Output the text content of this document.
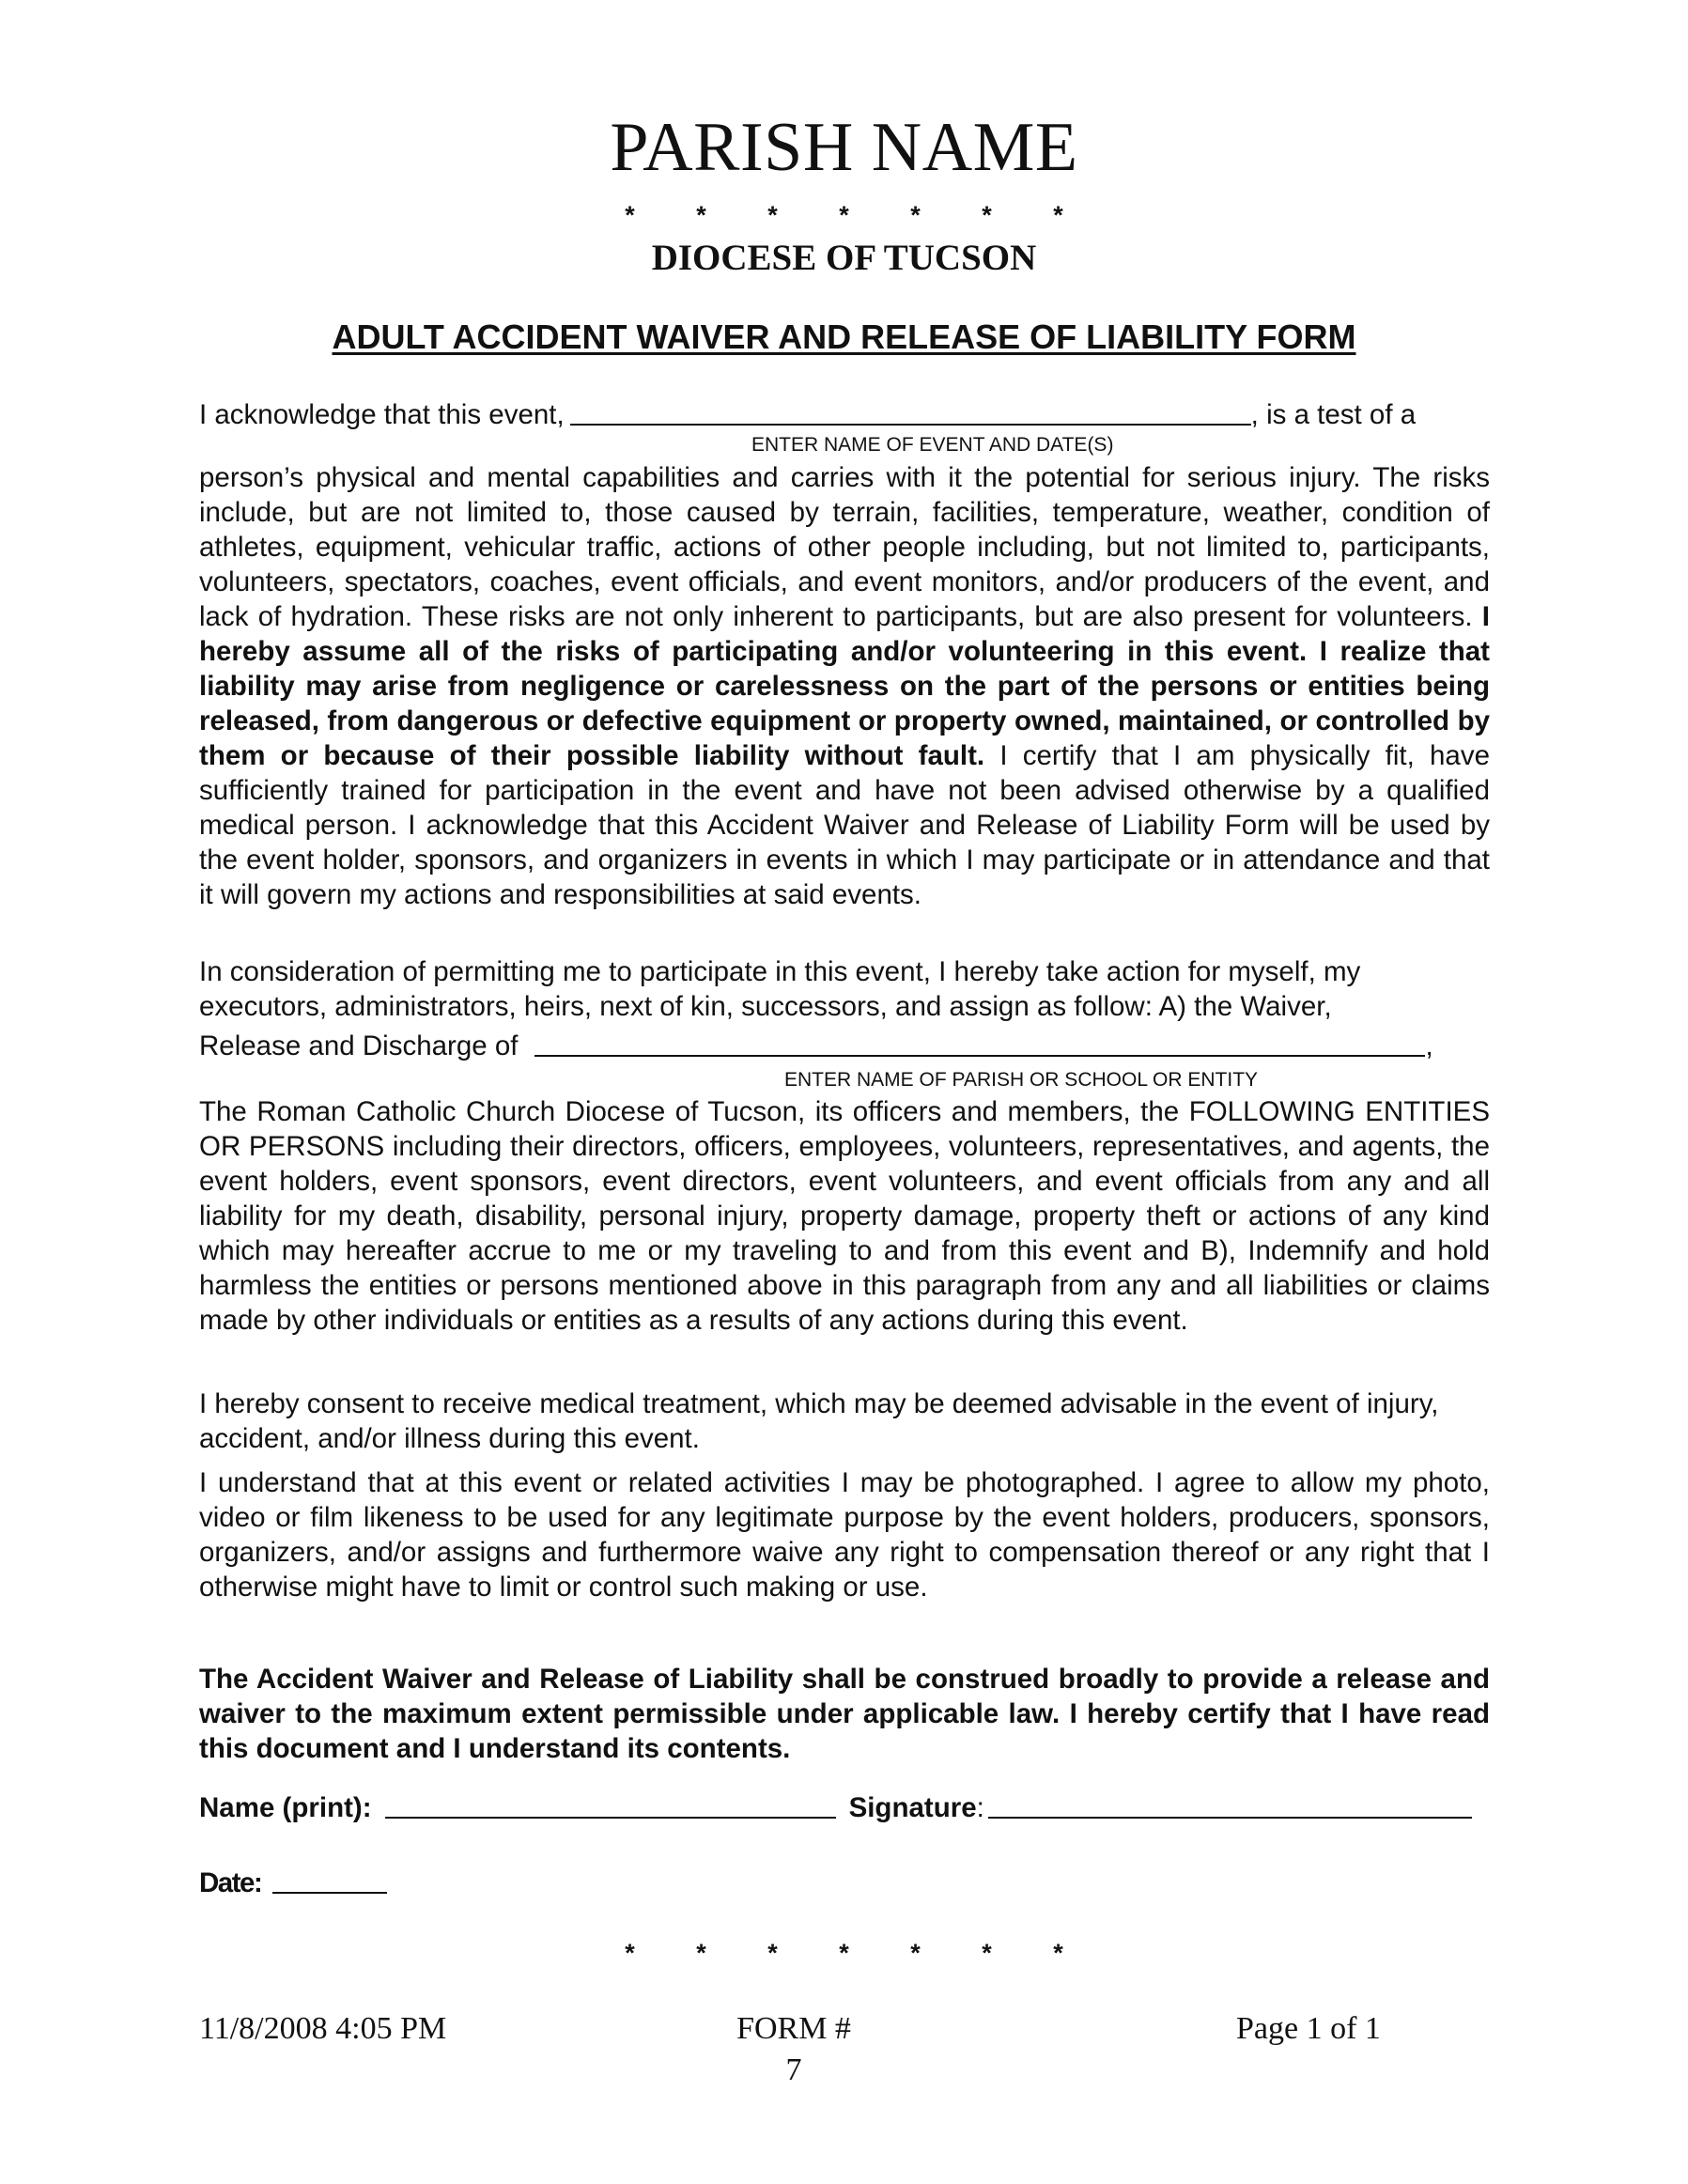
PARISH NAME
* * * * * * *
DIOCESE OF TUCSON
ADULT ACCIDENT WAIVER AND RELEASE OF LIABILITY FORM
I acknowledge that this event,	, is a test of a
ENTER NAME OF EVENT AND DATE(S)
person’s physical and mental capabilities and carries with it the potential for serious injury. The risks include, but are not limited to, those caused by terrain, facilities, temperature, weather, condition of athletes, equipment, vehicular traffic, actions of other people including, but not limited to, participants, volunteers, spectators, coaches, event officials, and event monitors, and/or producers of the event, and lack of hydration. These risks are not only inherent to participants, but are also present for volunteers. I hereby assume all of the risks of participating and/or volunteering in this event. I realize that liability may arise from negligence or carelessness on the part of the persons or entities being released, from dangerous or defective equipment or property owned, maintained, or controlled by them or because of their possible liability without fault. I certify that I am physically fit, have sufficiently trained for participation in the event and have not been advised otherwise by a qualified medical person. I acknowledge that this Accident Waiver and Release of Liability Form will be used by the event holder, sponsors, and organizers in events in which I may participate or in attendance and that it will govern my actions and responsibilities at said events.
In consideration of permitting me to participate in this event, I hereby take action for myself, my executors, administrators, heirs, next of kin, successors, and assign as follow: A) the Waiver,
Release and Discharge of	,
ENTER NAME OF PARISH OR SCHOOL OR ENTITY
The Roman Catholic Church Diocese of Tucson, its officers and members, the FOLLOWING ENTITIES OR PERSONS including their directors, officers, employees, volunteers, representatives, and agents, the event holders, event sponsors, event directors, event volunteers, and event officials from any and all liability for my death, disability, personal injury, property damage, property theft or actions of any kind which may hereafter accrue to me or my traveling to and from this event and B), Indemnify and hold harmless the entities or persons mentioned above in this paragraph from any and all liabilities or claims made by other individuals or entities as a results of any actions during this event.
I hereby consent to receive medical treatment, which may be deemed advisable in the event of injury, accident, and/or illness during this event.
I understand that at this event or related activities I may be photographed. I agree to allow my photo, video or film likeness to be used for any legitimate purpose by the event holders, producers, sponsors, organizers, and/or assigns and furthermore waive any right to compensation thereof or any right that I otherwise might have to limit or control such making or use.
The Accident Waiver and Release of Liability shall be construed broadly to provide a release and waiver to the maximum extent permissible under applicable law. I hereby certify that I have read this document and I understand its contents.
Name (print):	Signature:
Date:
* * * * * * *
11/8/2008 4:05 PM	FORM #
7
Page 1 of 1
